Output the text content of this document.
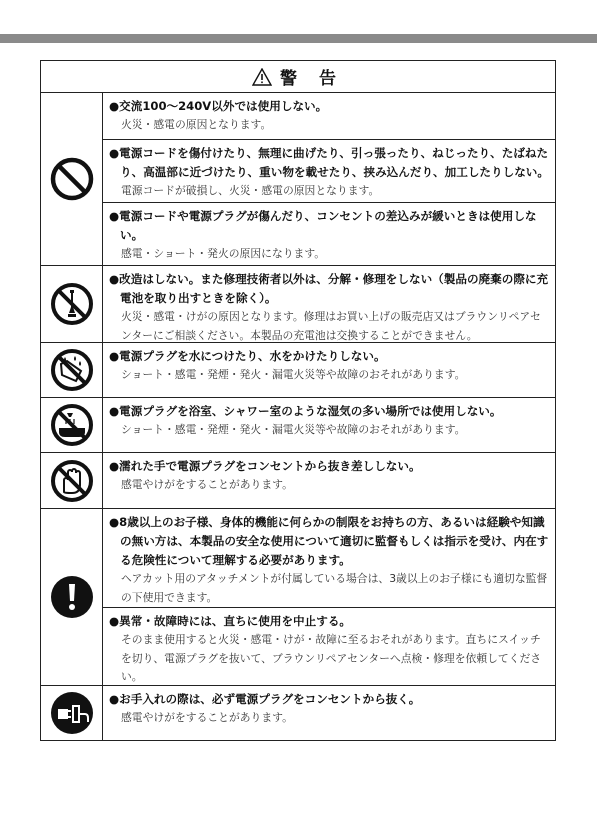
警 告
● 交流100～240V以外では使用しない。
火災・感電の原因となります。
● 電源コードを傷付けたり、無理に曲げたり、引っ張ったり、ねじったり、たばねたり、高温部に近づけたり、重い物を載せたり、挟み込んだり、加工したりしない。
電源コードが破損し、火災・感電の原因となります。
● 電源コードや電源プラグが傷んだり、コンセントの差込みが緩いときは使用しない。
感電・ショート・発火の原因になります。
● 改造はしない。また修理技術者以外は、分解・修理をしない（製品の廃棄の際に充電池を取り出すときを除く）。
火災・感電・けがの原因となります。修理はお買い上げの販売店又はブラウンリペアセンターにご相談ください。本製品の充電池は交換することができません。
● 電源プラグを水につけたり、水をかけたりしない。
ショート・感電・発煙・発火・漏電火災等や故障のおそれがあります。
● 電源プラグを浴室、シャワー室のような湿気の多い場所では使用しない。
ショート・感電・発煙・発火・漏電火災等や故障のおそれがあります。
● 濡れた手で電源プラグをコンセントから抜き差ししない。
感電やけがをすることがあります。
● 8歳以上のお子様、身体的機能に何らかの制限をお持ちの方、あるいは経験や知識の無い方は、本製品の安全な使用について適切に監督もしくは指示を受け、内在する危険性について理解する必要があります。
ヘアカット用のアタッチメントが付属している場合は、3歳以上のお子様にも適切な監督の下使用できます。
● 異常・故障時には、直ちに使用を中止する。
そのまま使用すると火災・感電・けが・故障に至るおそれがあります。直ちにスイッチを切り、電源プラグを抜いて、ブラウンリペアセンターへ点検・修理を依頼してください。
● お手入れの際は、必ず電源プラグをコンセントから抜く。
感電やけがをすることがあります。
